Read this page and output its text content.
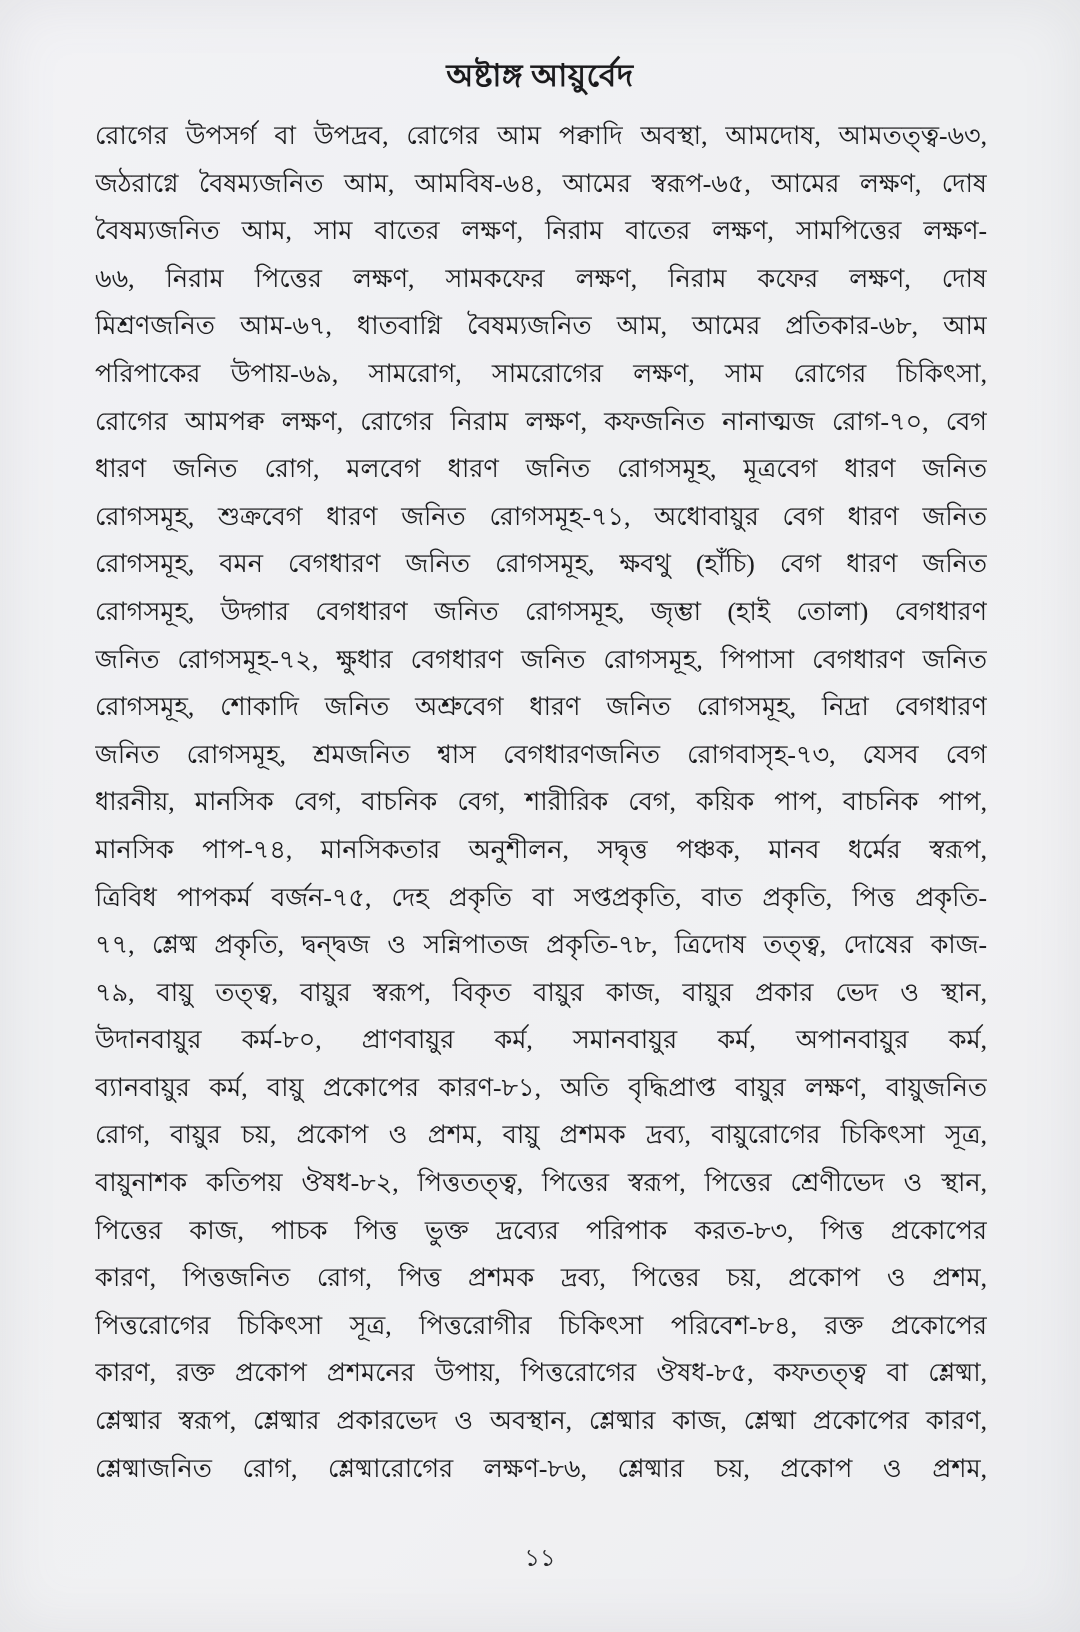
অষ্টাঙ্গ আয়ুর্বেদ
রোগের উপসর্গ বা উপদ্রব, রোগের আম পক্বাদি অবস্থা, আমদোষ, আমতত্ত্ব-৬৩,
জঠরাগ্নে বৈষম্যজনিত আম, আমবিষ-৬৪, আমের স্বরূপ-৬৫, আমের লক্ষণ, দোষ
বৈষম্যজনিত আম, সাম বাতের লক্ষণ, নিরাম বাতের লক্ষণ, সামপিত্তের লক্ষণ-
৬৬, নিরাম পিত্তের লক্ষণ, সামকফের লক্ষণ, নিরাম কফের লক্ষণ, দোষ
মিশ্রণজনিত আম-৬৭, ধাতবাগ্নি বৈষম্যজনিত আম, আমের প্রতিকার-৬৮, আম
পরিপাকের উপায়-৬৯, সামরোগ, সামরোগের লক্ষণ, সাম রোগের চিকিৎসা,
রোগের আমপক্ব লক্ষণ, রোগের নিরাম লক্ষণ, কফজনিত নানাত্মজ রোগ-৭০, বেগ
ধারণ জনিত রোগ, মলবেগ ধারণ জনিত রোগসমূহ, মূত্রবেগ ধারণ জনিত
রোগসমূহ, শুক্রবেগ ধারণ জনিত রোগসমূহ-৭১, অধোবায়ুর বেগ ধারণ জনিত
রোগসমূহ, বমন বেগধারণ জনিত রোগসমূহ, ক্ষবথু (হাঁচি) বেগ ধারণ জনিত
রোগসমূহ, উদ্গার বেগধারণ জনিত রোগসমূহ, জৃম্ভা (হাই তোলা) বেগধারণ
জনিত রোগসমূহ-৭২, ক্ষুধার বেগধারণ জনিত রোগসমূহ, পিপাসা বেগধারণ জনিত
রোগসমূহ, শোকাদি জনিত অশ্রুবেগ ধারণ জনিত রোগসমূহ, নিদ্রা বেগধারণ
জনিত রোগসমূহ, শ্রমজনিত শ্বাস বেগধারণজনিত রোগবাসৃহ-৭৩, যেসব বেগ
ধারনীয়, মানসিক বেগ, বাচনিক বেগ, শারীরিক বেগ, কয়িক পাপ, বাচনিক পাপ,
মানসিক পাপ-৭৪, মানসিকতার অনুশীলন, সদ্বৃত্ত পঞ্চক, মানব ধর্মের স্বরূপ,
ত্রিবিধ পাপকর্ম বর্জন-৭৫, দেহ প্রকৃতি বা সপ্তপ্রকৃতি, বাত প্রকৃতি, পিত্ত প্রকৃতি-
৭৭, শ্লেষ্ম প্রকৃতি, দ্বন্দ্বজ ও সন্নিপাতজ প্রকৃতি-৭৮, ত্রিদোষ তত্ত্ব, দোষের কাজ-
৭৯, বায়ু তত্ত্ব, বায়ুর স্বরূপ, বিকৃত বায়ুর কাজ, বায়ুর প্রকার ভেদ ও স্থান,
উদানবায়ুর কর্ম-৮০, প্রাণবায়ুর কর্ম, সমানবায়ুর কর্ম, অপানবায়ুর কর্ম,
ব্যানবায়ুর কর্ম, বায়ু প্রকোপের কারণ-৮১, অতি বৃদ্ধিপ্রাপ্ত বায়ুর লক্ষণ, বায়ুজনিত
রোগ, বায়ুর চয়, প্রকোপ ও প্রশম, বায়ু প্রশমক দ্রব্য, বায়ুরোগের চিকিৎসা সূত্র,
বায়ুনাশক কতিপয় ঔষধ-৮২, পিত্ততত্ত্ব, পিত্তের স্বরূপ, পিত্তের শ্রেণীভেদ ও স্থান,
পিত্তের কাজ, পাচক পিত্ত ভুক্ত দ্রব্যের পরিপাক করত-৮৩, পিত্ত প্রকোপের
কারণ, পিত্তজনিত রোগ, পিত্ত প্রশমক দ্রব্য, পিত্তের চয়, প্রকোপ ও প্রশম,
পিত্তরোগের চিকিৎসা সূত্র, পিত্তরোগীর চিকিৎসা পরিবেশ-৮৪, রক্ত প্রকোপের
কারণ, রক্ত প্রকোপ প্রশমনের উপায়, পিত্তরোগের ঔষধ-৮৫, কফতত্ত্ব বা শ্লেষ্মা,
শ্লেষ্মার স্বরূপ, শ্লেষ্মার প্রকারভেদ ও অবস্থান, শ্লেষ্মার কাজ, শ্লেষ্মা প্রকোপের কারণ,
শ্লেষ্মাজনিত রোগ, শ্লেষ্মারোগের লক্ষণ-৮৬, শ্লেষ্মার চয়, প্রকোপ ও প্রশম,
১১
